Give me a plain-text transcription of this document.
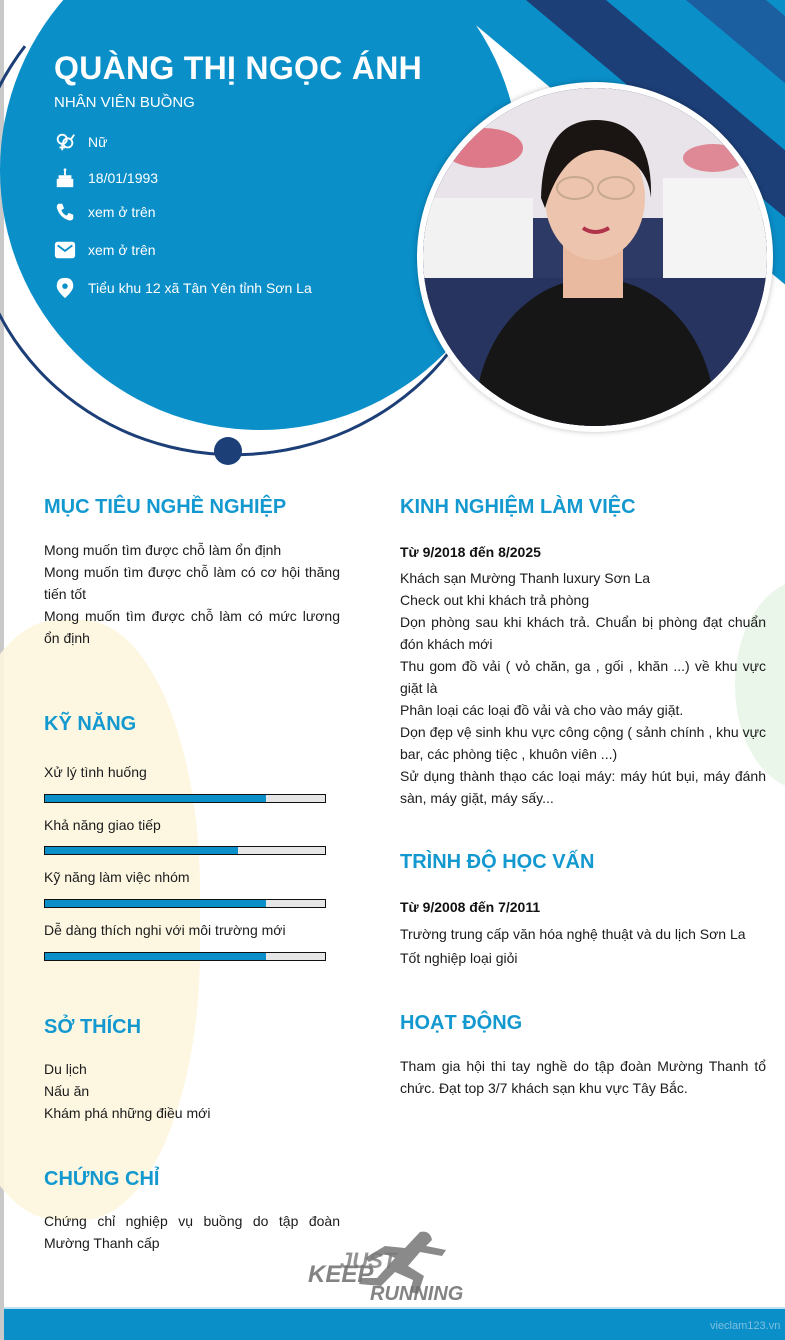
QUÀNG THỊ NGỌC ÁNH
NHÂN VIÊN BUỒNG
Nữ
18/01/1993
xem ở trên
xem ở trên
Tiểu khu 12 xã Tân Yên tỉnh Sơn La
MỤC TIÊU NGHỀ NGHIỆP
Mong muốn tìm được chỗ làm ổn định
Mong muốn tìm được chỗ làm có cơ hội thăng tiến tốt
Mong muốn tìm được chỗ làm có mức lương ổn định
KỸ NĂNG
Xử lý tình huống
Khả năng giao tiếp
Kỹ năng làm việc nhóm
Dễ dàng thích nghi với môi trường mới
SỞ THÍCH
Du lịch
Nấu ăn
Khám phá những điều mới
CHỨNG CHỈ
Chứng chỉ nghiệp vụ buồng do tập đoàn Mường Thanh cấp
KINH NGHIỆM LÀM VIỆC
Từ 9/2018 đến 8/2025
Khách sạn Mường Thanh luxury Sơn La
Check out khi khách trả phòng
Dọn phòng sau khi khách trả. Chuẩn bị phòng đạt chuẩn đón khách mới
Thu gom đồ vải ( vỏ chăn, ga , gối , khăn ...) về khu vực giặt là
Phân loại các loại đồ vải và cho vào máy giặt.
Dọn đẹp vệ sinh khu vực công cộng ( sảnh chính , khu vực bar, các phòng tiệc , khuôn viên ...)
Sử dụng thành thạo các loại máy: máy hút bụi, máy đánh sàn, máy giặt, máy sấy...
TRÌNH ĐỘ HỌC VẤN
Từ 9/2008 đến 7/2011
Trường trung cấp văn hóa nghệ thuật và du lịch Sơn La
Tốt nghiệp loại giỏi
HOẠT ĐỘNG
Tham gia hội thi tay nghề do tập đoàn Mường Thanh tổ chức. Đạt top 3/7 khách sạn khu vực Tây Bắc.
JUST
KEEP
RUNNING
vieclam123.vn
